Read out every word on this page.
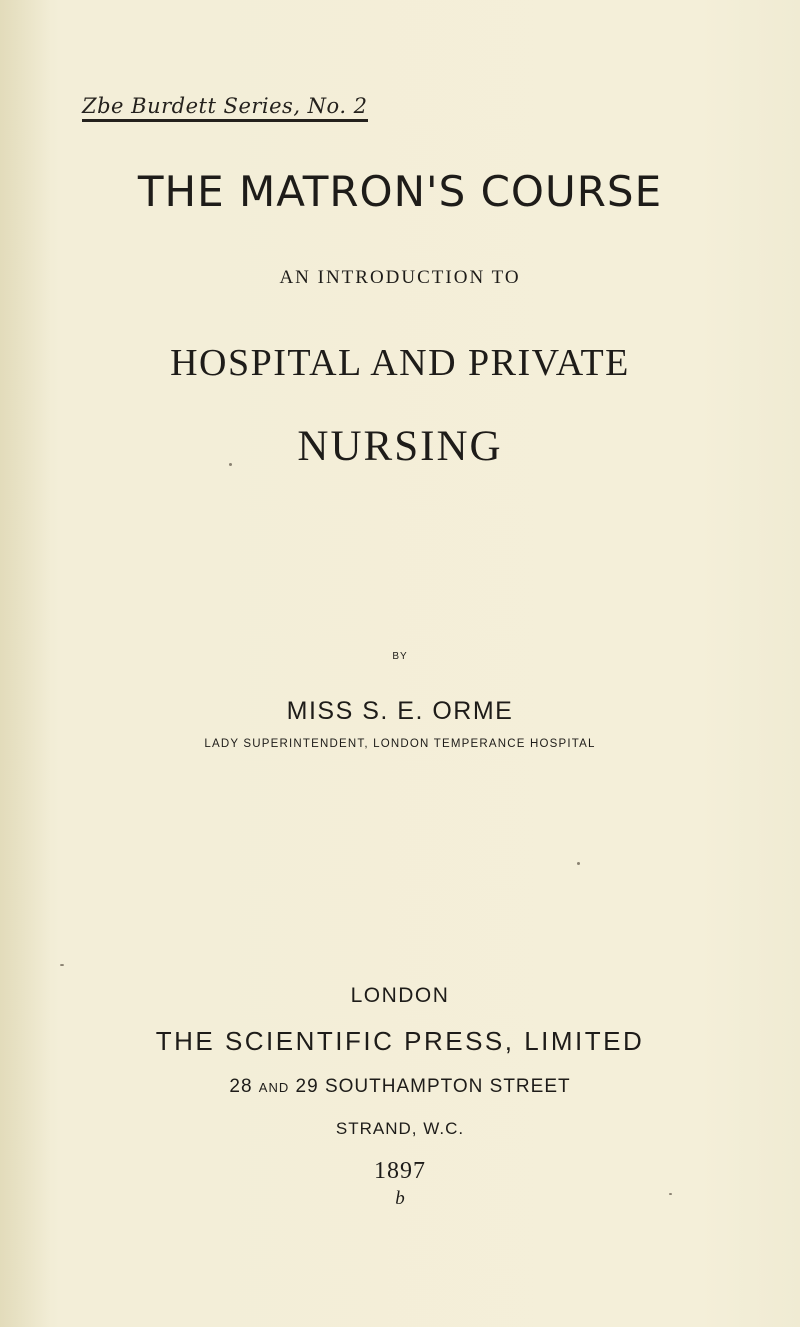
Zbe Burdett Series, No. 2
THE MATRON'S COURSE
AN INTRODUCTION TO
HOSPITAL AND PRIVATE
NURSING
BY
MISS S. E. ORME
LADY SUPERINTENDENT, LONDON TEMPERANCE HOSPITAL
LONDON
THE SCIENTIFIC PRESS, LIMITED
28 AND 29 SOUTHAMPTON STREET
STRAND, W.C.
1897
b
